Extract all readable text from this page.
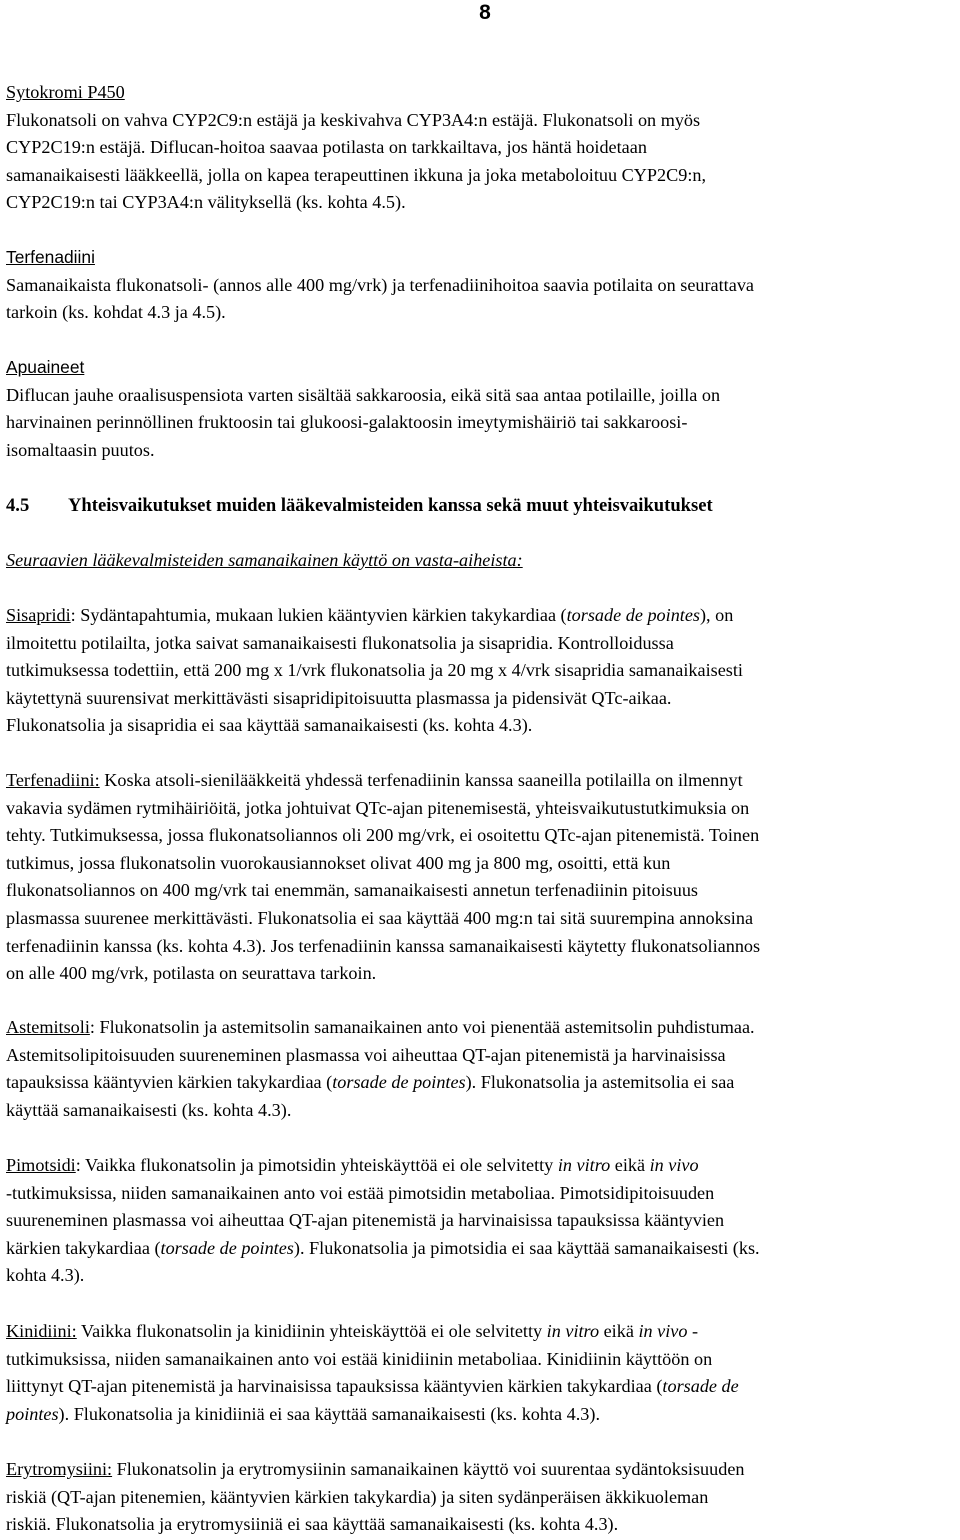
8

Sytokromi P450

Flukonatsoli on vahva CYP2C9:n estäjä ja keskivahva CYP3A4:n estäjä. Flukonatsoli on myös

CYP2C19:n estäjä. Diflucan-hoitoa saavaa potilasta on tarkkailtava, jos häntä hoidetaan

samanaikaisesti lääkkeellä, jolla on kapea terapeuttinen ikkuna ja joka metaboloituu CYP2C9:n,

CYP2C19:n tai CYP3A4:n välityksellä (ks. kohta 4.5).

Terfenadiini

Samanaikaista flukonatsoli- (annos alle 400 mg/vrk) ja terfenadiinihoitoa saavia potilaita on seurattava

tarkoin (ks. kohdat 4.3 ja 4.5).

Apuaineet

Diflucan jauhe oraalisuspensiota varten sisältää sakkaroosia, eikä sitä saa antaa potilaille, joilla on

harvinainen perinnöllinen fruktoosin tai glukoosi-galaktoosin imeytymishäiriö tai sakkaroosi-

isomaltaasin puutos.

4.5 Yhteisvaikutukset muiden lääkevalmisteiden kanssa sekä muut yhteisvaikutukset

Seuraavien lääkevalmisteiden samanaikainen käyttö on vasta-aiheista:

Sisapridi: Sydäntapahtumia, mukaan lukien kääntyvien kärkien takykardiaa (torsade de pointes), on

ilmoitettu potilailta, jotka saivat samanaikaisesti flukonatsolia ja sisapridia. Kontrolloidussa

tutkimuksessa todettiin, että 200 mg x 1/vrk flukonatsolia ja 20 mg x 4/vrk sisapridia samanaikaisesti

käytettynä suurensivat merkittävästi sisapridipitoisuutta plasmassa ja pidensivät QTc-aikaa.

Flukonatsolia ja sisapridia ei saa käyttää samanaikaisesti (ks. kohta 4.3).

Terfenadiini: Koska atsoli-sienilääkkeitä yhdessä terfenadiinin kanssa saaneilla potilailla on ilmennyt

vakavia sydämen rytmihäiriöitä, jotka johtuivat QTc-ajan pitenemisestä, yhteisvaikutustutkimuksia on

tehty. Tutkimuksessa, jossa flukonatsoliannos oli 200 mg/vrk, ei osoitettu QTc-ajan pitenemistä. Toinen

tutkimus, jossa flukonatsolin vuorokausiannokset olivat 400 mg ja 800 mg, osoitti, että kun

flukonatsoliannos on 400 mg/vrk tai enemmän, samanaikaisesti annetun terfenadiinin pitoisuus

plasmassa suurenee merkittävästi. Flukonatsolia ei saa käyttää 400 mg:n tai sitä suurempina annoksina

terfenadiinin kanssa (ks. kohta 4.3). Jos terfenadiinin kanssa samanaikaisesti käytetty flukonatsoliannos

on alle 400 mg/vrk, potilasta on seurattava tarkoin.

Astemitsoli: Flukonatsolin ja astemitsolin samanaikainen anto voi pienentää astemitsolin puhdistumaa.

Astemitsolipitoisuuden suureneminen plasmassa voi aiheuttaa QT-ajan pitenemistä ja harvinaisissa

tapauksissa kääntyvien kärkien takykardiaa (torsade de pointes). Flukonatsolia ja astemitsolia ei saa

käyttää samanaikaisesti (ks. kohta 4.3).

Pimotsidi: Vaikka flukonatsolin ja pimotsidin yhteiskäyttöä ei ole selvitetty in vitro eikä in vivo

-tutkimuksissa, niiden samanaikainen anto voi estää pimotsidin metaboliaa. Pimotsidipitoisuuden

suureneminen plasmassa voi aiheuttaa QT-ajan pitenemistä ja harvinaisissa tapauksissa kääntyvien

kärkien takykardiaa (torsade de pointes). Flukonatsolia ja pimotsidia ei saa käyttää samanaikaisesti (ks.

kohta 4.3).

Kinidiini: Vaikka flukonatsolin ja kinidiinin yhteiskäyttöä ei ole selvitetty in vitro eikä in vivo -

tutkimuksissa, niiden samanaikainen anto voi estää kinidiinin metaboliaa. Kinidiinin käyttöön on

liittynyt QT-ajan pitenemistä ja harvinaisissa tapauksissa kääntyvien kärkien takykardiaa (torsade de

pointes). Flukonatsolia ja kinidiiniä ei saa käyttää samanaikaisesti (ks. kohta 4.3).

Erytromysiini: Flukonatsolin ja erytromysiinin samanaikainen käyttö voi suurentaa sydäntoksisuuden

riskiä (QT-ajan pitenemien, kääntyvien kärkien takykardia) ja siten sydänperäisen äkkikuoleman

riskiä. Flukonatsolia ja erytromysiiniä ei saa käyttää samanaikaisesti (ks. kohta 4.3).
